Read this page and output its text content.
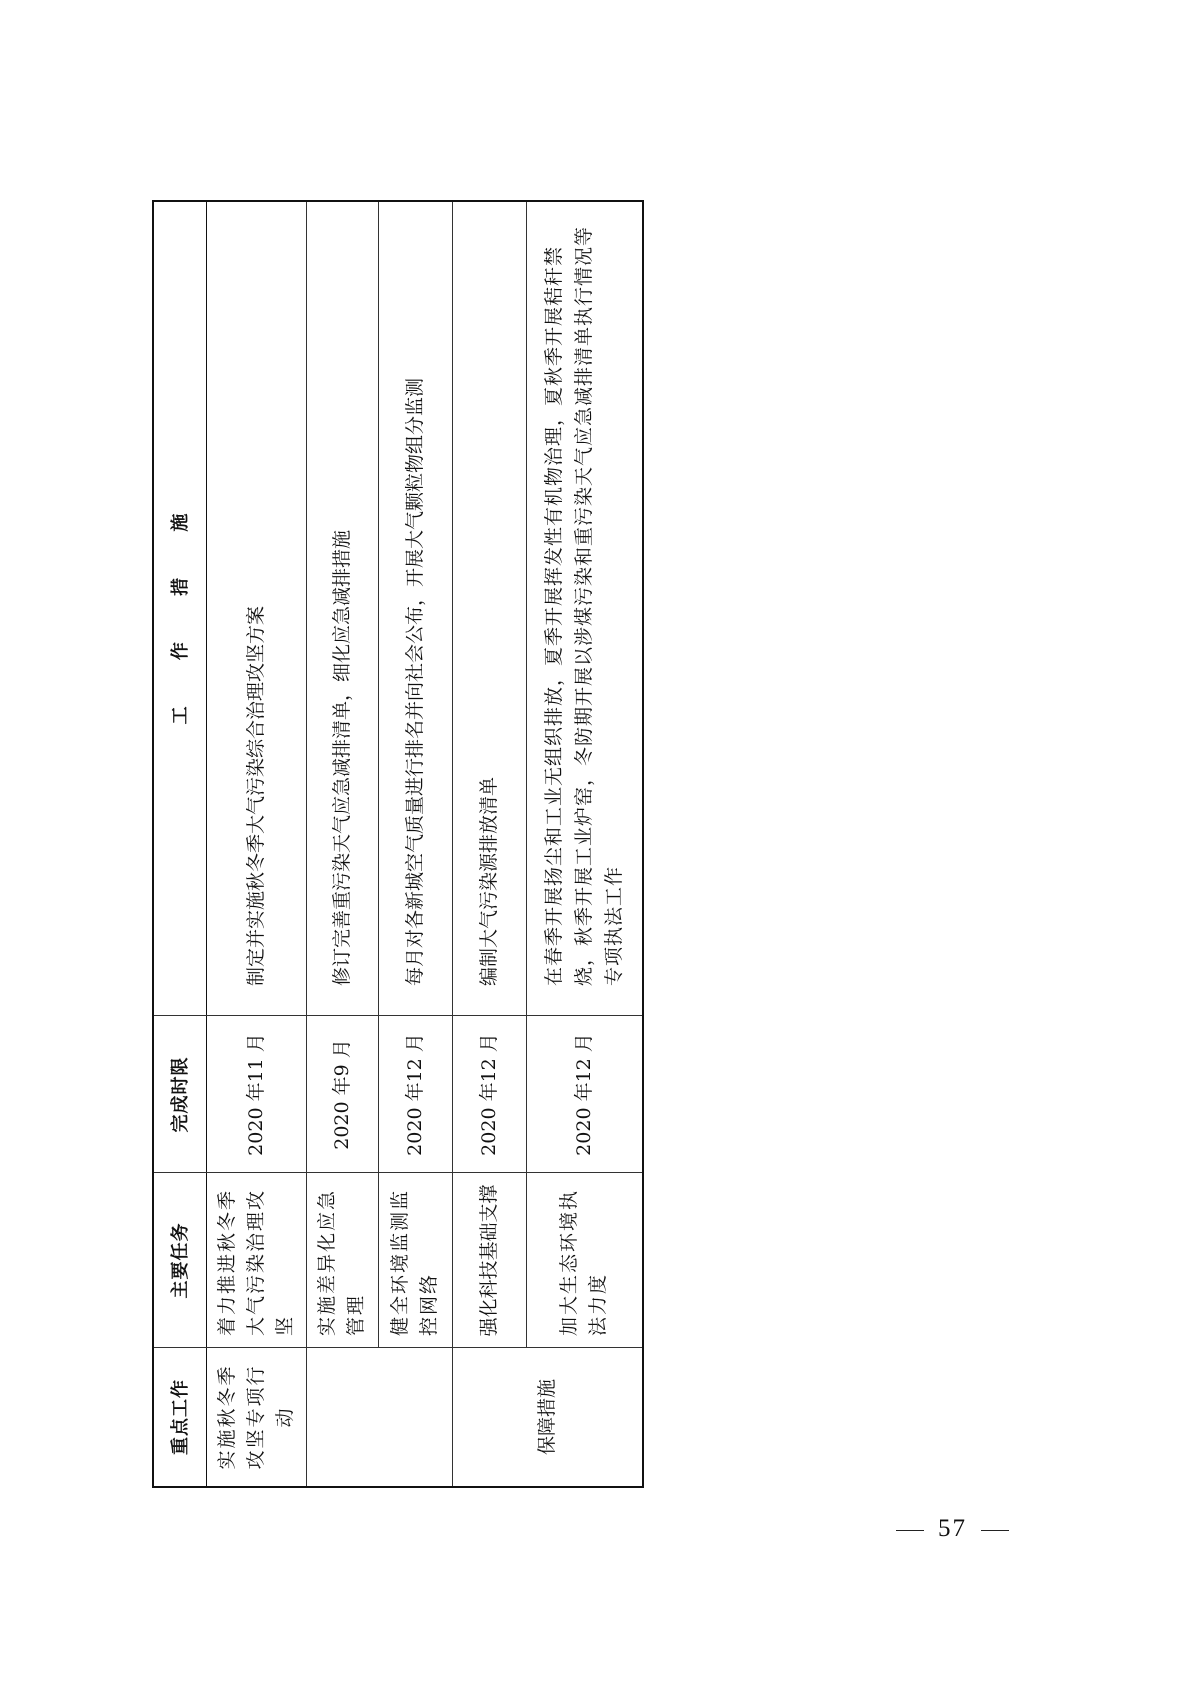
重点工作
主要任务
完成时限
工 作 措 施
实施秋冬季攻坚专项行动	保障措施
着力推进秋冬季大气污染治理攻坚
2020 年11 月
制定并实施秋冬季大气污染综合治理攻坚方案
实施差异化应急管理
2020 年9 月
修订完善重污染天气应急减排清单，细化应急减排措施
健全环境监测监控网络
2020 年12 月
每月对各新城空气质量进行排名并向社会公布，开展大气颗粒物组分监测
强化科技基础支撑
2020 年12 月
编制大气污染源排放清单
加大生态环境执法力度
2020 年12 月
在春季开展扬尘和工业无组织排放，夏季开展挥发性有机物治理，夏秋季开展秸秆禁烧，秋季开展工业炉窑，冬防期开展以涉煤污染和重污染天气应急减排清单执行情况等专项执法工作
57
